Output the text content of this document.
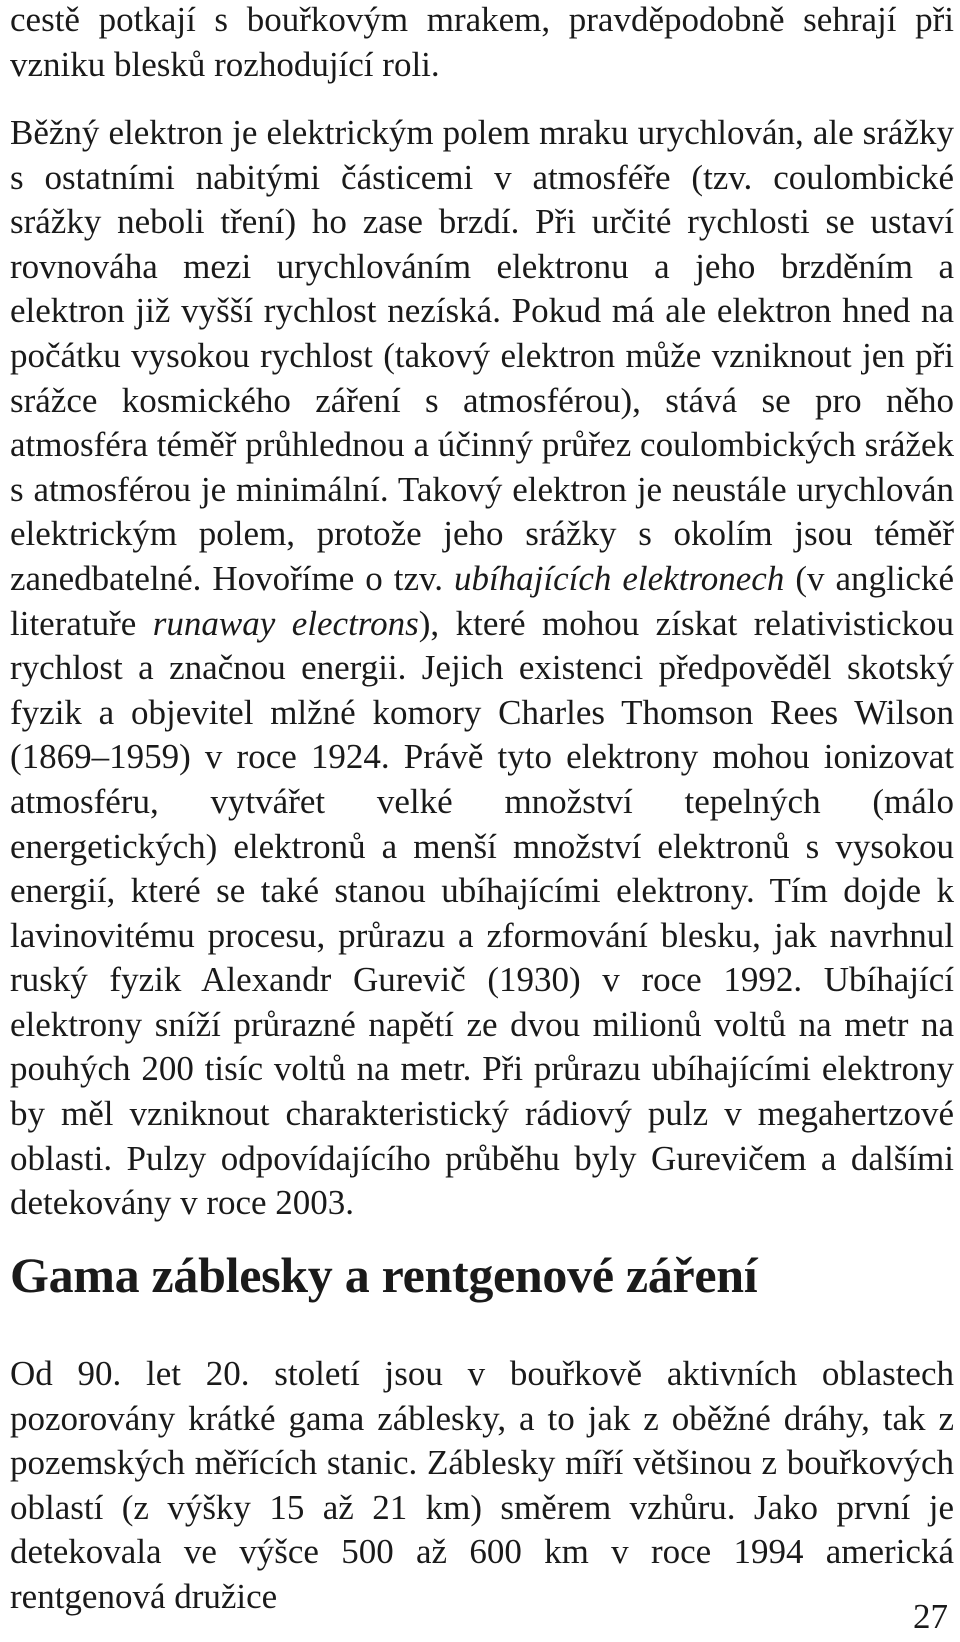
cestě potkají s bouřkovým mrakem, pravděpodobně sehrají při vzniku blesků rozhodující roli.

Běžný elektron je elektrickým polem mraku urychlován, ale srážky s ostatními nabitými částicemi v atmosféře (tzv. coulombické srážky neboli tření) ho zase brzdí. Při určité rychlosti se ustaví rovnováha mezi urychlováním elektronu a jeho brzděním a elektron již vyšší rychlost nezíská. Pokud má ale elektron hned na počátku vysokou rychlost (takový elektron může vzniknout jen při srážce kosmického záření s atmosférou), stává se pro něho atmosféra téměř průhlednou a účinný průřez coulombických srážek s atmosférou je minimální. Takový elektron je neustále urychlován elektrickým polem, protože jeho srážky s okolím jsou téměř zanedbatelné. Hovoříme o tzv. ubíhajících elektronech (v anglické literatuře runaway electrons), které mohou získat relativistickou rychlost a značnou energii. Jejich existenci předpověděl skotský fyzik a objevitel mlžné komory Charles Thomson Rees Wilson (1869–1959) v roce 1924. Právě tyto elektrony mohou ionizovat atmosféru, vytvářet velké množství tepelných (málo energetických) elektronů a menší množství elektronů s vysokou energií, které se také stanou ubíhajícími elektrony. Tím dojde k lavinovitému procesu, průrazu a zformování blesku, jak navrhnul ruský fyzik Alexandr Gurevič (1930) v roce 1992. Ubíhající elektrony sníží průrazné napětí ze dvou milionů voltů na metr na pouhých 200 tisíc voltů na metr. Při průrazu ubíhajícími elektrony by měl vzniknout charakteristický rádiový pulz v megahertzové oblasti. Pulzy odpovídajícího průběhu byly Gurevičem a dalšími detekovány v roce 2003.

Gama záblesky a rentgenové záření

Od 90. let 20. století jsou v bouřkově aktivních oblastech pozorovány krátké gama záblesky, a to jak z oběžné dráhy, tak z pozemských měřících stanic. Záblesky míří většinou z bouřkových oblastí (z výšky 15 až 21 km) směrem vzhůru. Jako první je detekovala ve výšce 500 až 600 km v roce 1994 americká rentgenová družice

27
